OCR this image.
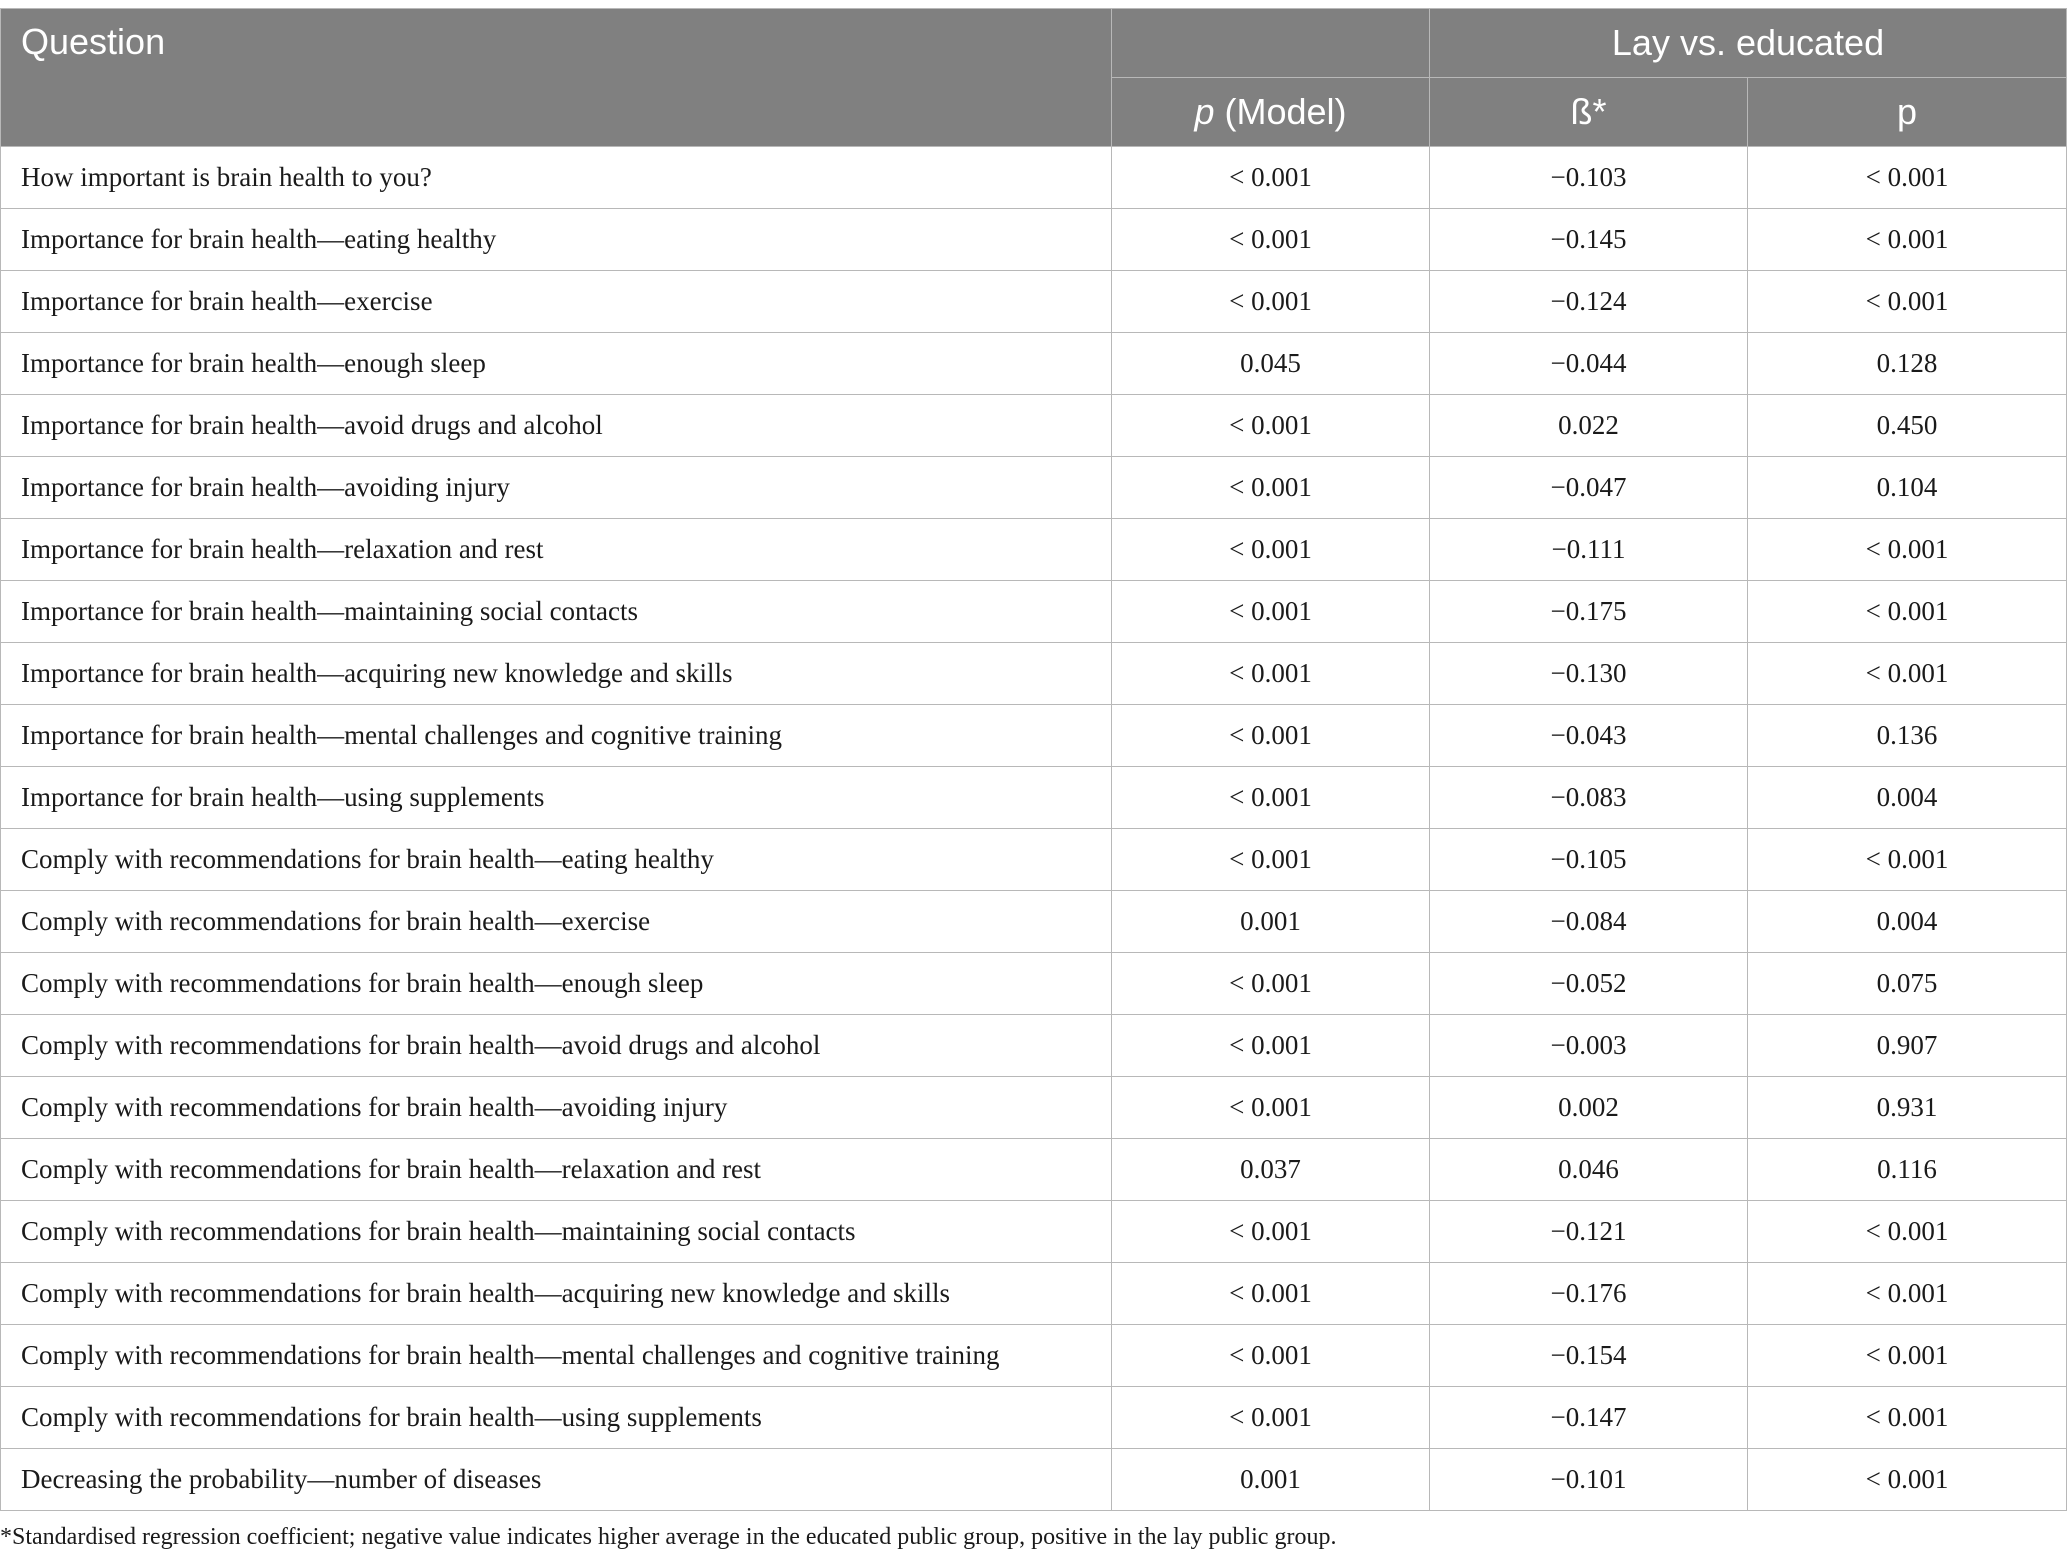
Question		Lay vs. educated	
	p (Model)	ß*	p
How important is brain health to you?	< 0.001	−0.103	< 0.001
Importance for brain health—eating healthy	< 0.001	−0.145	< 0.001
Importance for brain health—exercise	< 0.001	−0.124	< 0.001
Importance for brain health—enough sleep	0.045	−0.044	0.128
Importance for brain health—avoid drugs and alcohol	< 0.001	0.022	0.450
Importance for brain health—avoiding injury	< 0.001	−0.047	0.104
Importance for brain health—relaxation and rest	< 0.001	−0.111	< 0.001
Importance for brain health—maintaining social contacts	< 0.001	−0.175	< 0.001
Importance for brain health—acquiring new knowledge and skills	< 0.001	−0.130	< 0.001
Importance for brain health—mental challenges and cognitive training	< 0.001	−0.043	0.136
Importance for brain health—using supplements	< 0.001	−0.083	0.004
Comply with recommendations for brain health—eating healthy	< 0.001	−0.105	< 0.001
Comply with recommendations for brain health—exercise	0.001	−0.084	0.004
Comply with recommendations for brain health—enough sleep	< 0.001	−0.052	0.075
Comply with recommendations for brain health—avoid drugs and alcohol	< 0.001	−0.003	0.907
Comply with recommendations for brain health—avoiding injury	< 0.001	0.002	0.931
Comply with recommendations for brain health—relaxation and rest	0.037	0.046	0.116
Comply with recommendations for brain health—maintaining social contacts	< 0.001	−0.121	< 0.001
Comply with recommendations for brain health—acquiring new knowledge and skills	< 0.001	−0.176	< 0.001
Comply with recommendations for brain health—mental challenges and cognitive training	< 0.001	−0.154	< 0.001
Comply with recommendations for brain health—using supplements	< 0.001	−0.147	< 0.001
Decreasing the probability—number of diseases	0.001	−0.101	< 0.001
*Standardised regression coefficient; negative value indicates higher average in the educated public group, positive in the lay public group.
